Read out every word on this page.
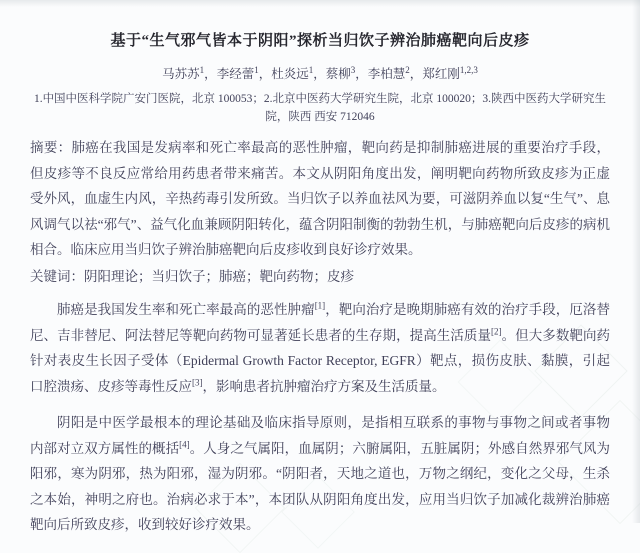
基于“生气邪气皆本于阴阳”探析当归饮子辨治肺癌靶向后皮疹
马苏苏$^1$，李经蕾$^1$，杜炎远$^1$，蔡柳$^3$，李柏慧$^2$，郑红刚$^{1,2,3}$
1.中国中医科学院广安门医院，北京 100053；2.北京中医药大学研究生院，北京 100020；3.陕西中医药大学研究生院，陕西 西安 712046

摘要：肺癌在我国是发病率和死亡率最高的恶性肿瘤，靶向药是抑制肺癌进展的重要治疗手段，但皮疹等不良反应常给用药患者带来痛苦。本文从阴阳角度出发，阐明靶向药物所致皮疹为正虚受外风，血虚生内风，辛热药毒引发所致。当归饮子以养血祛风为要，可滋阴养血以复“生气”、息风调气以祛“邪气”、益气化血兼顾阴阳转化，蕴含阴阳制衡的勃勃生机，与肺癌靶向后皮疹的病机相合。临床应用当归饮子辨治肺癌靶向后皮疹收到良好诊疗效果。

关键词：阴阳理论；当归饮子；肺癌；靶向药物；皮疹

肺癌是我国发生率和死亡率最高的恶性肿瘤[1]，靶向治疗是晚期肺癌有效的治疗手段，厄洛替尼、吉非替尼、阿法替尼等靶向药物可显著延长患者的生存期，提高生活质量[2]。但大多数靶向药针对表皮生长因子受体（Epidermal Growth Factor Receptor, EGFR）靶点，损伤皮肤、黏膜，引起口腔溃疡、皮疹等毒性反应[3]，影响患者抗肿瘤治疗方案及生活质量。

阴阳是中医学最根本的理论基础及临床指导原则，是指相互联系的事物与事物之间或者事物内部对立双方属性的概括[4]。人身之气属阳，血属阴；六腑属阳，五脏属阴；外感自然界邪气风为阳邪，寒为阴邪，热为阳邪，湿为阴邪。“阴阳者，天地之道也，万物之纲纪，变化之父母，生杀之本始，神明之府也。治病必求于本”，本团队从阴阳角度出发，应用当归饮子加减化裁辨治肺癌靶向后所致皮疹，收到较好诊疗效果。
